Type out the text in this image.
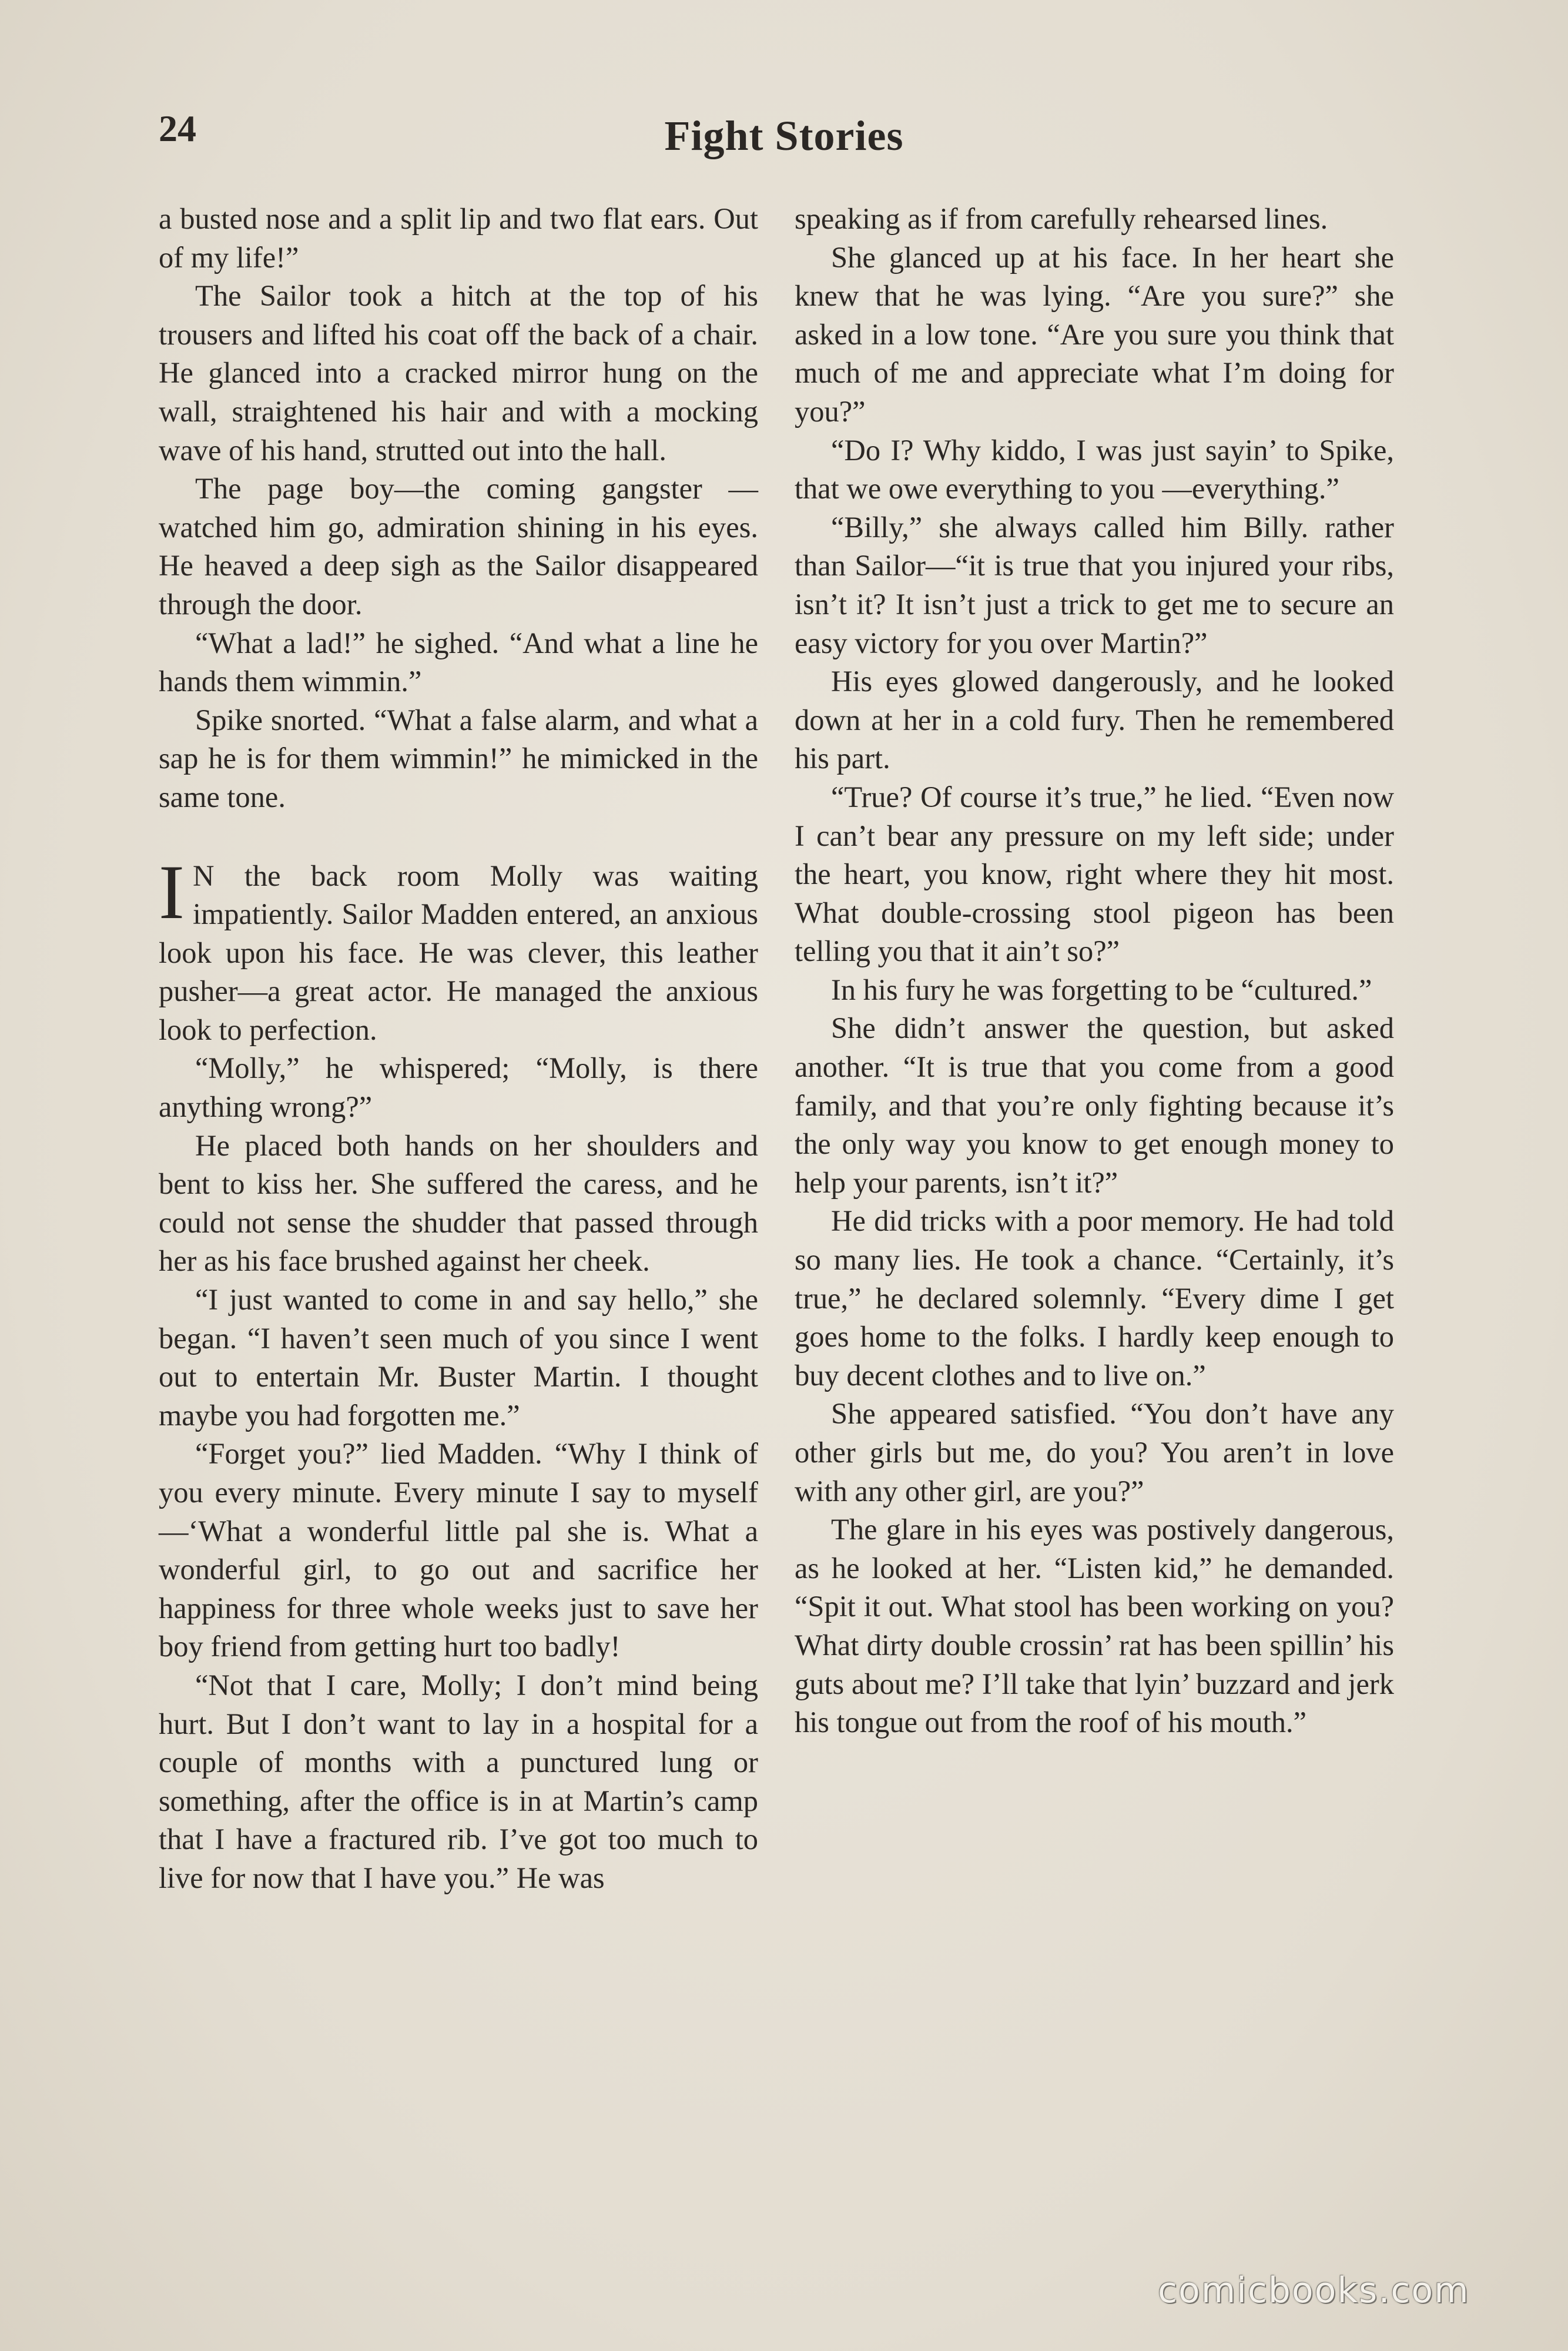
24	Fight Stories

a busted nose and a split lip and two flat ears. Out of my life!”

The Sailor took a hitch at the top of his trousers and lifted his coat off the back of a chair. He glanced into a cracked mirror hung on the wall, straightened his hair and with a mocking wave of his hand, strutted out into the hall.

The page boy—the coming gangster —watched him go, admiration shining in his eyes. He heaved a deep sigh as the Sailor disappeared through the door.

“What a lad!” he sighed. “And what a line he hands them wimmin.”

Spike snorted. “What a false alarm, and what a sap he is for them wimmin!” he mimicked in the same tone.

I N the back room Molly was waiting impatiently. Sailor Madden entered, an anxious look upon his face. He was clever, this leather pusher—a great actor. He managed the anxious look to perfection.

“Molly,” he whispered; “Molly, is there anything wrong?”

He placed both hands on her shoulders and bent to kiss her. She suffered the caress, and he could not sense the shudder that passed through her as his face brushed against her cheek.

“I just wanted to come in and say hello,” she began. “I haven’t seen much of you since I went out to entertain Mr. Buster Martin. I thought maybe you had forgotten me.”

“Forget you?” lied Madden. “Why I think of you every minute. Every minute I say to myself—‘What a wonderful little pal she is. What a wonderful girl, to go out and sacrifice her happiness for three whole weeks just to save her boy friend from getting hurt too badly!

“Not that I care, Molly; I don’t mind being hurt. But I don’t want to lay in a hospital for a couple of months with a punctured lung or something, after the office is in at Martin’s camp that I have a fractured rib. I’ve got too much to live for now that I have you.” He was

speaking as if from carefully rehearsed lines.

She glanced up at his face. In her heart she knew that he was lying. “Are you sure?” she asked in a low tone. “Are you sure you think that much of me and appreciate what I’m doing for you?”

“Do I? Why kiddo, I was just sayin’ to Spike, that we owe everything to you —everything.”

“Billy,” she always called him Billy. rather than Sailor—“it is true that you injured your ribs, isn’t it? It isn’t just a trick to get me to secure an easy victory for you over Martin?”

His eyes glowed dangerously, and he looked down at her in a cold fury. Then he remembered his part.

“True? Of course it’s true,” he lied. “Even now I can’t bear any pressure on my left side; under the heart, you know, right where they hit most. What double-crossing stool pigeon has been telling you that it ain’t so?”

In his fury he was forgetting to be “cultured.”

She didn’t answer the question, but asked another. “It is true that you come from a good family, and that you’re only fighting because it’s the only way you know to get enough money to help your parents, isn’t it?”

He did tricks with a poor memory. He had told so many lies. He took a chance. “Certainly, it’s true,” he declared solemnly. “Every dime I get goes home to the folks. I hardly keep enough to buy decent clothes and to live on.”

She appeared satisfied. “You don’t have any other girls but me, do you? You aren’t in love with any other girl, are you?”

The glare in his eyes was postively dangerous, as he looked at her. “Listen kid,” he demanded. “Spit it out. What stool has been working on you? What dirty double crossin’ rat has been spillin’ his guts about me? I’ll take that lyin’ buzzard and jerk his tongue out from the roof of his mouth.”

comicbooks.com
